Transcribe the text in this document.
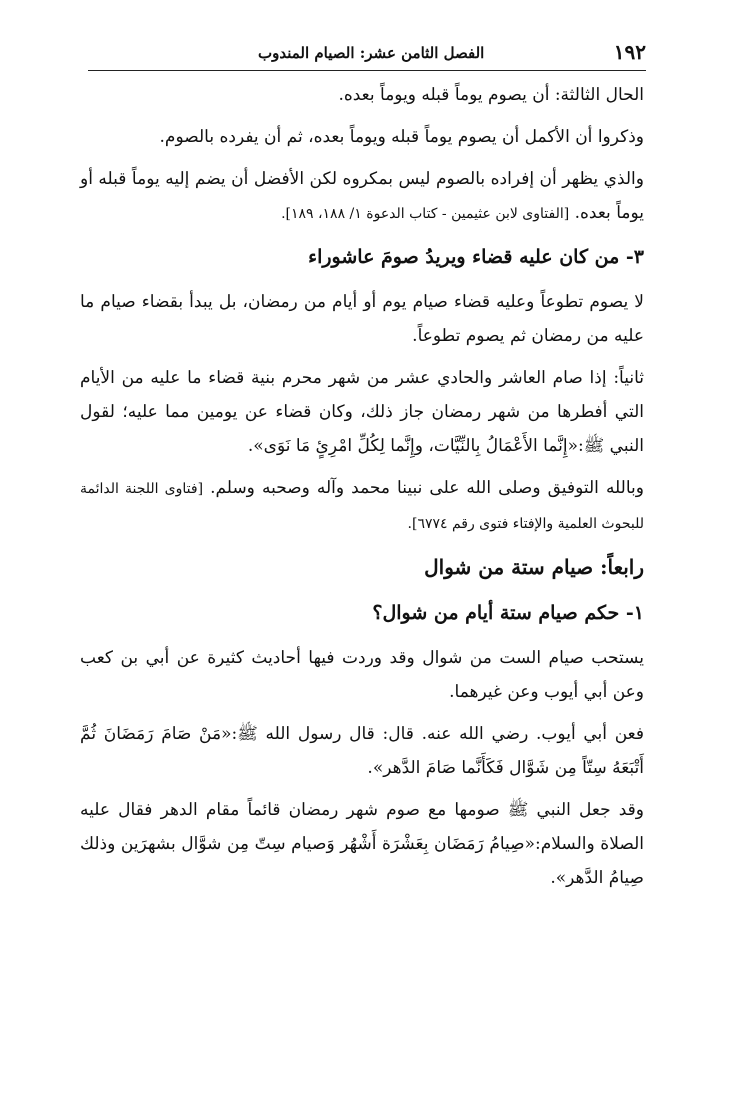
١٩٢
الفصل الثامن عشر: الصيام المندوب

الحال الثالثة: أن يصوم يوماً قبله ويوماً بعده.

وذكروا أن الأكمل أن يصوم يوماً قبله ويوماً بعده، ثم أن يفرده بالصوم.

والذي يظهر أن إفراده بالصوم ليس بمكروه لكن الأفضل أن يضم إليه يوماً قبله أو يوماً بعده. [الفتاوى لابن عثيمين - كتاب الدعوة ١/ ١٨٨، ١٨٩].

٣- من كان عليه قضاء ويريدُ صومَ عاشوراء

لا يصوم تطوعاً وعليه قضاء صيام يوم أو أيام من رمضان، بل يبدأ بقضاء صيام ما عليه من رمضان ثم يصوم تطوعاً.

ثانياً: إذا صام العاشر والحادي عشر من شهر محرم بنية قضاء ما عليه من الأيام التي أفطرها من شهر رمضان جاز ذلك، وكان قضاء عن يومين مما عليه؛ لقول النبي ﷺ:«إِنَّما الأَعْمَالُ بِالنِّيَّات، وإِنَّما لِكُلِّ امْرِئٍ مَا نَوَى».

وبالله التوفيق وصلى الله على نبينا محمد وآله وصحبه وسلم. [فتاوى اللجنة الدائمة للبحوث العلمية والإفتاء فتوى رقم ٦٧٧٤].

رابعاً: صيام ستة من شوال
١- حكم صيام ستة أيام من شوال؟

يستحب صيام الست من شوال وقد وردت فيها أحاديث كثيرة عن أبي بن كعب وعن أبي أيوب وعن غيرهما.

فعن أبي أيوب. رضي الله عنه. قال: قال رسول الله ﷺ:«مَنْ صَامَ رَمَضَانَ ثُمَّ أَتْبَعَهُ سِتّاً مِن شَوَّال فَكَأَنَّما صَامَ الدَّهر».

وقد جعل النبي ﷺ صومها مع صوم شهر رمضان قائماً مقام الدهر فقال عليه الصلاة والسلام:«صِيامُ رَمَضَان بِعَشْرَة أَشْهُر وَصيام سِتّ مِن شوَّال بشهرَين وذلك صِيامُ الدَّهر».
